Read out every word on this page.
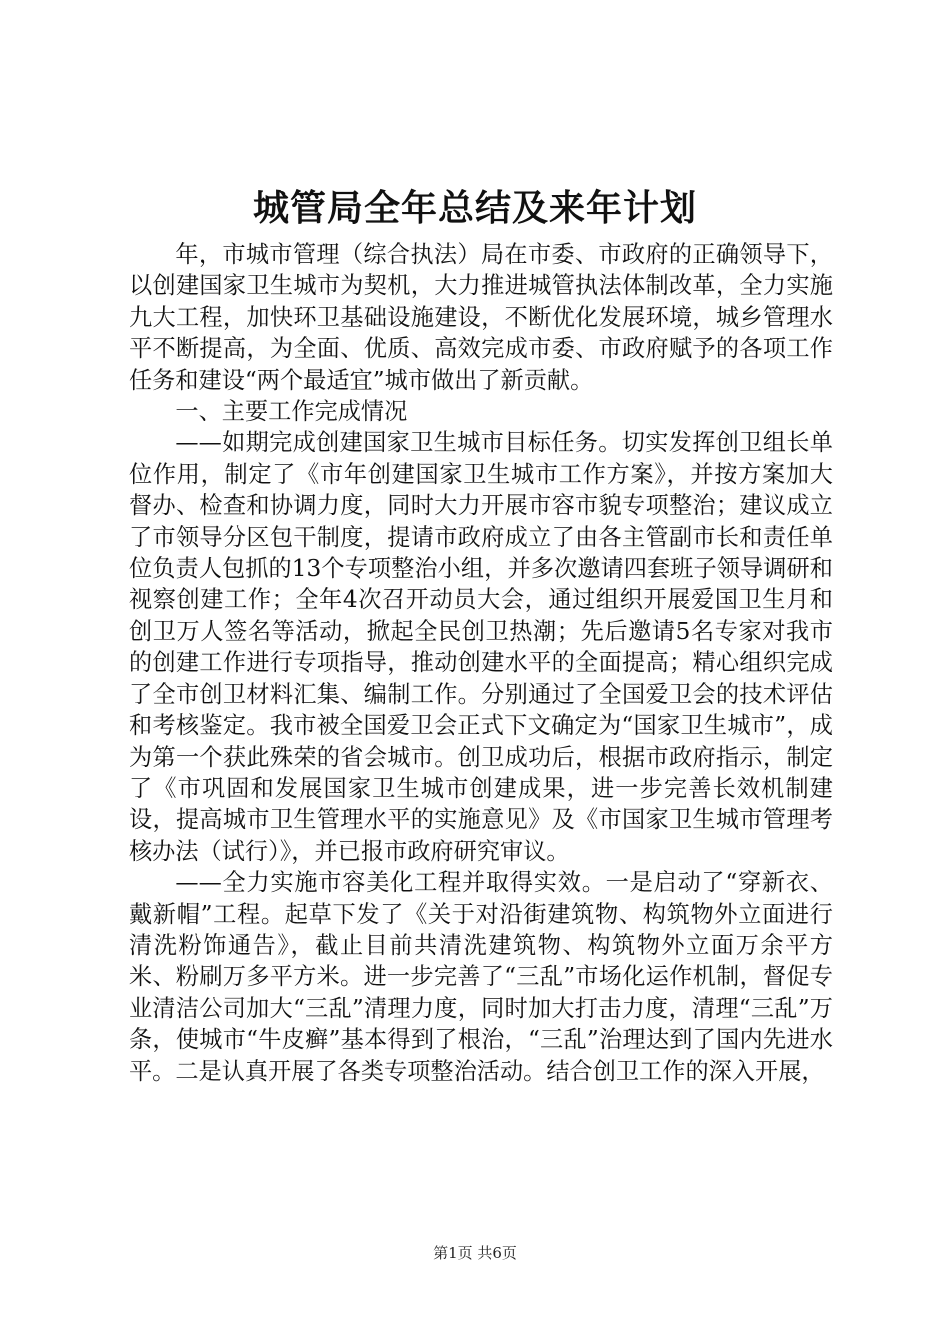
城管局全年总结及来年计划

年，市城市管理（综合执法）局在市委、市政府的正确领导下，以创建国家卫生城市为契机，大力推进城管执法体制改革，全力实施九大工程，加快环卫基础设施建设，不断优化发展环境，城乡管理水平不断提高，为全面、优质、高效完成市委、市政府赋予的各项工作任务和建设“两个最适宜”城市做出了新贡献。

一、主要工作完成情况

——如期完成创建国家卫生城市目标任务。切实发挥创卫组长单位作用，制定了《市年创建国家卫生城市工作方案》，并按方案加大督办、检查和协调力度，同时大力开展市容市貌专项整治；建议成立了市领导分区包干制度，提请市政府成立了由各主管副市长和责任单位负责人包抓的13个专项整治小组，并多次邀请四套班子领导调研和视察创建工作；全年4次召开动员大会，通过组织开展爱国卫生月和创卫万人签名等活动，掀起全民创卫热潮；先后邀请5名专家对我市的创建工作进行专项指导，推动创建水平的全面提高；精心组织完成了全市创卫材料汇集、编制工作。分别通过了全国爱卫会的技术评估和考核鉴定。我市被全国爱卫会正式下文确定为“国家卫生城市”，成为第一个获此殊荣的省会城市。创卫成功后，根据市政府指示，制定了《市巩固和发展国家卫生城市创建成果，进一步完善长效机制建设，提高城市卫生管理水平的实施意见》及《市国家卫生城市管理考核办法（试行）》，并已报市政府研究审议。

——全力实施市容美化工程并取得实效。一是启动了“穿新衣、戴新帽”工程。起草下发了《关于对沿街建筑物、构筑物外立面进行清洗粉饰通告》，截止目前共清洗建筑物、构筑物外立面万余平方米、粉刷万多平方米。进一步完善了“三乱”市场化运作机制，督促专业清洁公司加大“三乱”清理力度，同时加大打击力度，清理“三乱”万条，使城市“牛皮癣”基本得到了根治，“三乱”治理达到了国内先进水平。二是认真开展了各类专项整治活动。结合创卫工作的深入开展，

第1页 共6页
